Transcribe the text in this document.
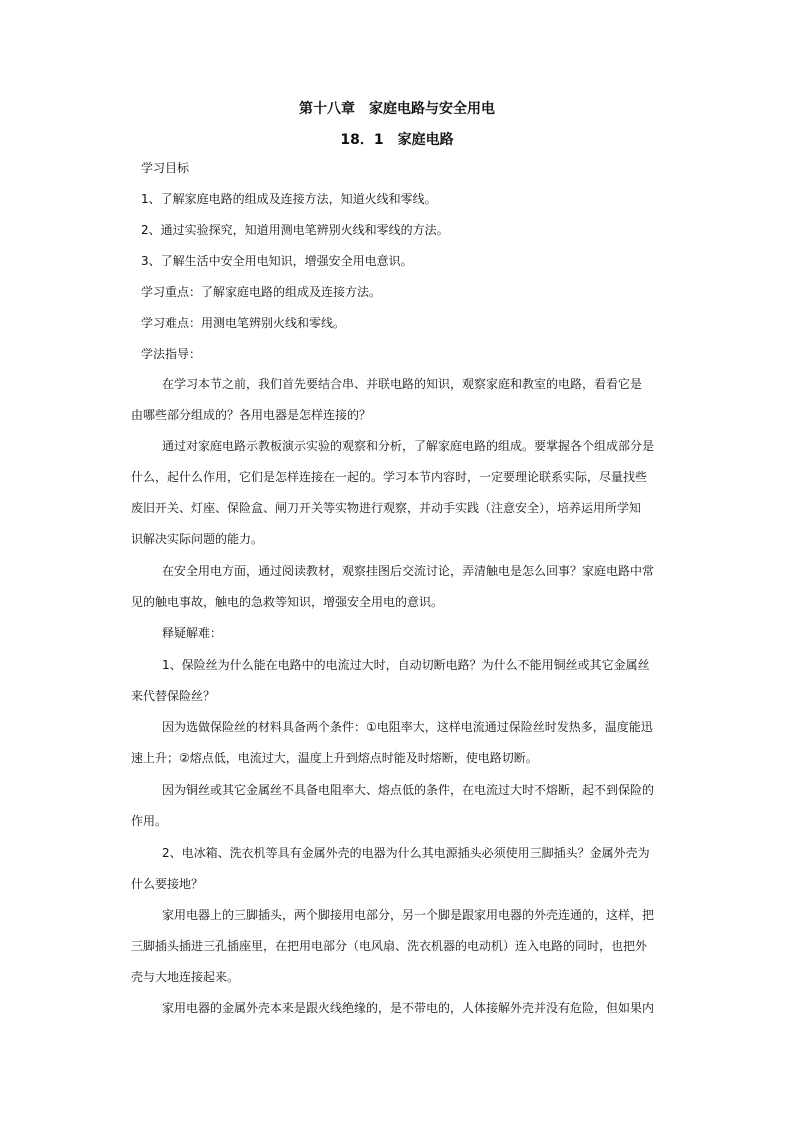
第十八章　家庭电路与安全用电
18．1　家庭电路
学习目标
1、了解家庭电路的组成及连接方法，知道火线和零线。
2、通过实验探究，知道用测电笔辨别火线和零线的方法。
3、了解生活中安全用电知识，增强安全用电意识。
学习重点：了解家庭电路的组成及连接方法。
学习难点：用测电笔辨别火线和零线。
学法指导：
在学习本节之前，我们首先要结合串、并联电路的知识，观察家庭和教室的电路，看看它是
由哪些部分组成的？各用电器是怎样连接的？
通过对家庭电路示教板演示实验的观察和分析，了解家庭电路的组成。要掌握各个组成部分是
什么，起什么作用，它们是怎样连接在一起的。学习本节内容时，一定要理论联系实际，尽量找些
废旧开关、灯座、保险盒、闸刀开关等实物进行观察，并动手实践（注意安全），培养运用所学知
识解决实际问题的能力。
在安全用电方面，通过阅读教材，观察挂图后交流讨论，弄清触电是怎么回事？家庭电路中常
见的触电事故，触电的急救等知识，增强安全用电的意识。
释疑解难：
1、保险丝为什么能在电路中的电流过大时，自动切断电路？为什么不能用铜丝或其它金属丝
来代替保险丝？
因为选做保险丝的材料具备两个条件：①电阻率大，这样电流通过保险丝时发热多，温度能迅
速上升；②熔点低，电流过大，温度上升到熔点时能及时熔断，使电路切断。
因为铜丝或其它金属丝不具备电阻率大、熔点低的条件，在电流过大时不熔断，起不到保险的
作用。
2、电冰箱、洗衣机等具有金属外壳的电器为什么其电源插头必须使用三脚插头？金属外壳为
什么要接地？
家用电器上的三脚插头，两个脚接用电部分，另一个脚是跟家用电器的外壳连通的，这样，把
三脚插头插进三孔插座里，在把用电部分（电风扇、洗衣机器的电动机）连入电路的同时，也把外
壳与大地连接起来。
家用电器的金属外壳本来是跟火线绝缘的，是不带电的，人体接解外壳并没有危险，但如果内
